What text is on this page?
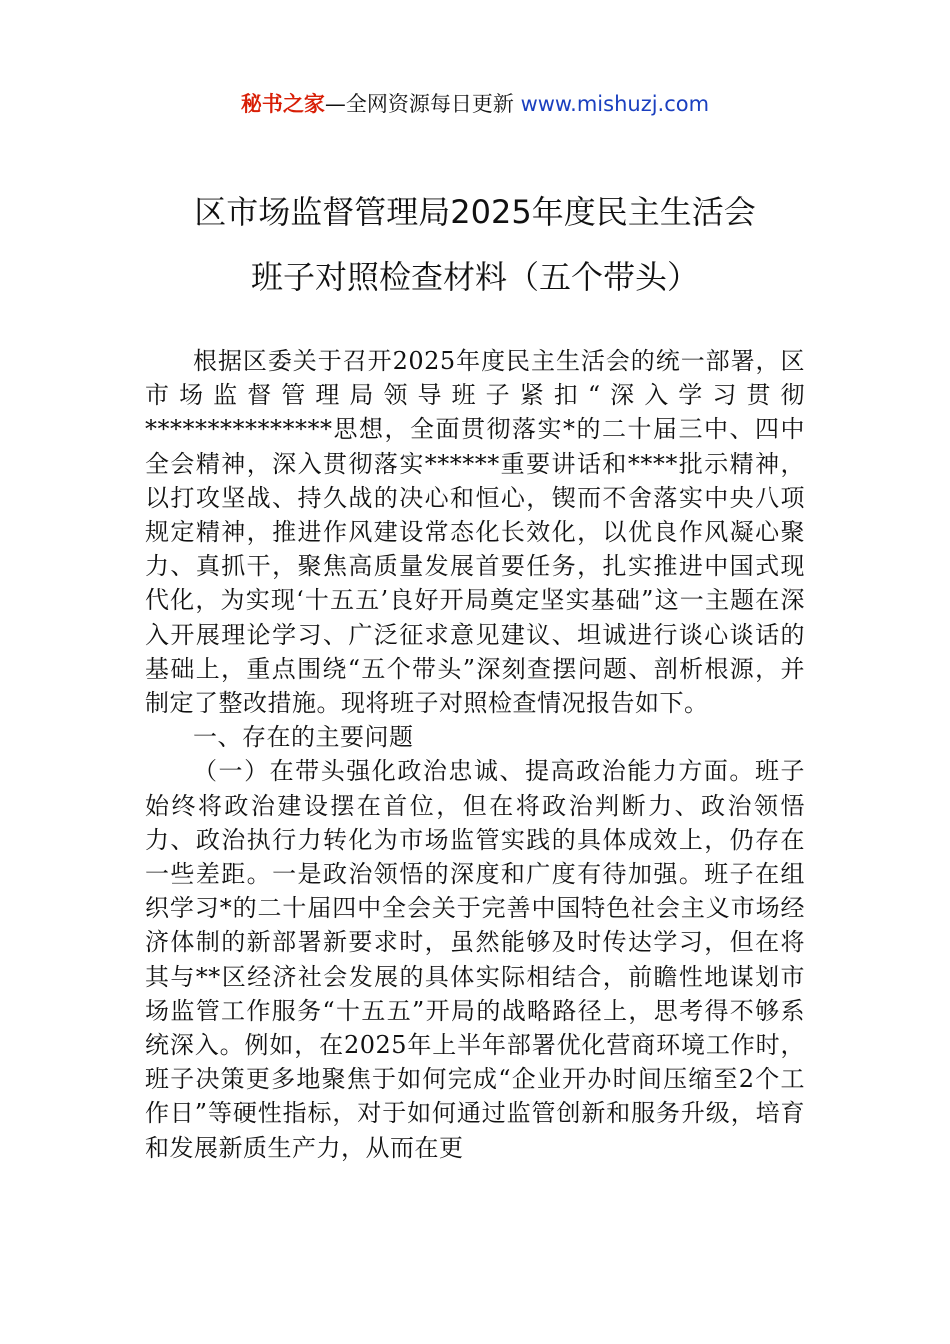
秘书之家—全网资源每日更新 www.mishuzj.com
区市场监督管理局2025年度民主生活会
班子对照检查材料（五个带头）

根据区委关于召开2025年度民主生活会的统一部署，区市场监督管理局领导班子紧扣“深入学习贯彻***************思想，全面贯彻落实*的二十届三中、四中全会精神，深入贯彻落实******重要讲话和****批示精神，以打攻坚战、持久战的决心和恒心，锲而不舍落实中央八项规定精神，推进作风建设常态化长效化，以优良作风凝心聚力、真抓干，聚焦高质量发展首要任务，扎实推进中国式现代化，为实现‘十五五’良好开局奠定坚实基础”这一主题在深入开展理论学习、广泛征求意见建议、坦诚进行谈心谈话的基础上，重点围绕“五个带头”深刻查摆问题、剖析根源，并制定了整改措施。现将班子对照检查情况报告如下。

一、存在的主要问题

（一）在带头强化政治忠诚、提高政治能力方面。班子始终将政治建设摆在首位，但在将政治判断力、政治领悟力、政治执行力转化为市场监管实践的具体成效上，仍存在一些差距。一是政治领悟的深度和广度有待加强。班子在组织学习*的二十届四中全会关于完善中国特色社会主义市场经济体制的新部署新要求时，虽然能够及时传达学习，但在将其与**区经济社会发展的具体实际相结合，前瞻性地谋划市场监管工作服务“十五五”开局的战略路径上，思考得不够系统深入。例如，在2025年上半年部署优化营商环境工作时，班子决策更多地聚焦于如何完成“企业开办时间压缩至2个工作日”等硬性指标，对于如何通过监管创新和服务升级，培育和发展新质生产力，从而在更
